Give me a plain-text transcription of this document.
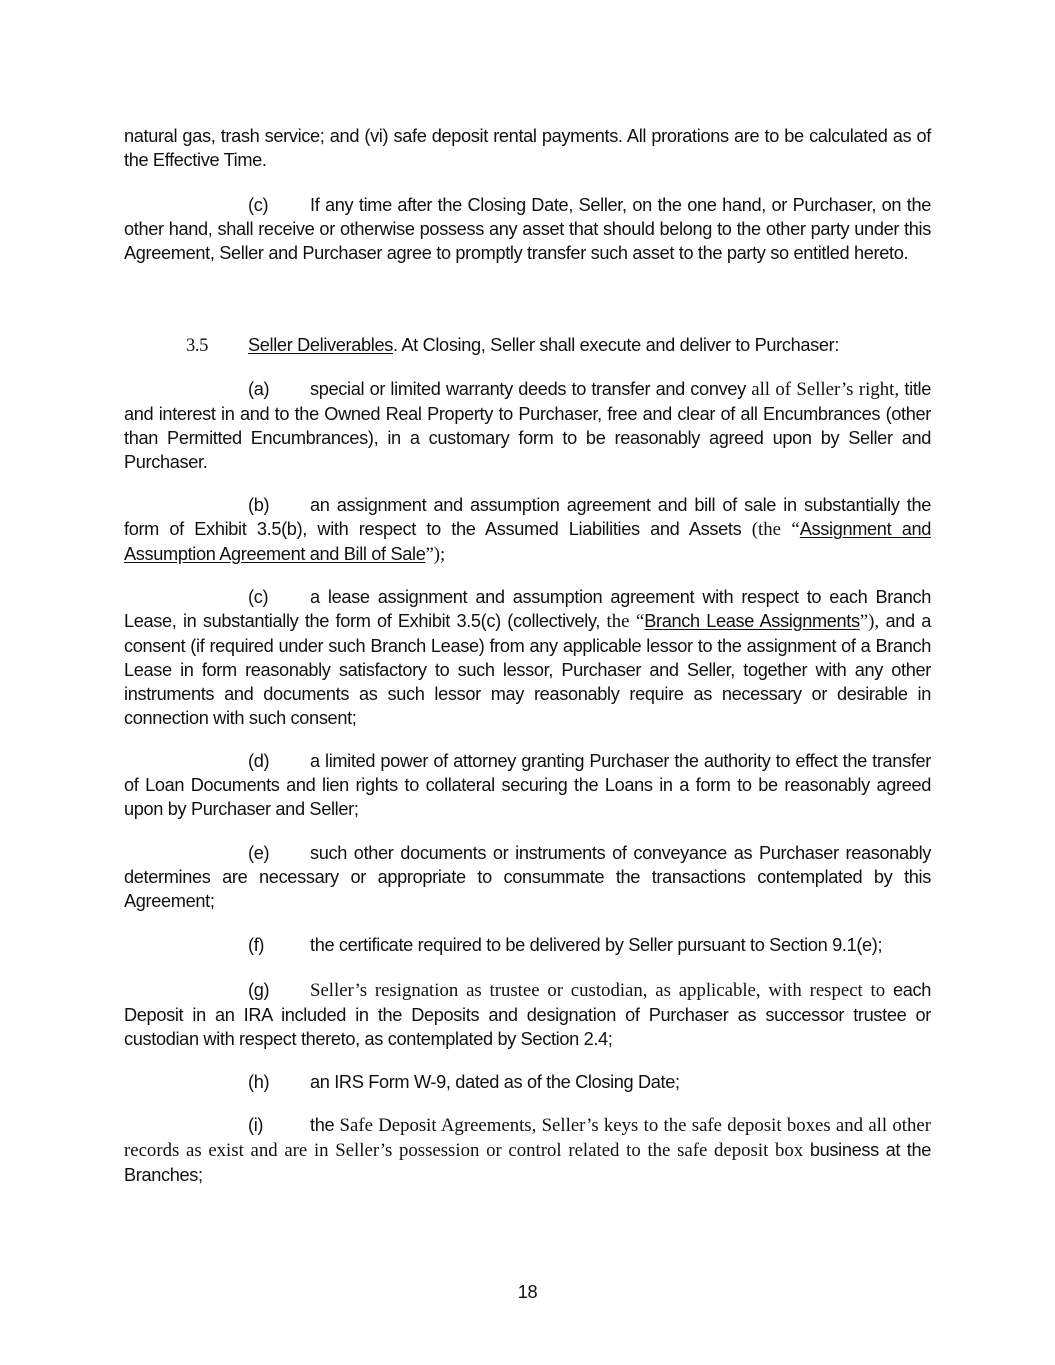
natural gas, trash service; and (vi) safe deposit rental payments. All prorations are to be calculated as of the Effective Time.

(c) If any time after the Closing Date, Seller, on the one hand, or Purchaser, on the other hand, shall receive or otherwise possess any asset that should belong to the other party under this Agreement, Seller and Purchaser agree to promptly transfer such asset to the party so entitled hereto.

3.5 Seller Deliverables. At Closing, Seller shall execute and deliver to Purchaser:

(a) special or limited warranty deeds to transfer and convey all of Seller’s right, title and interest in and to the Owned Real Property to Purchaser, free and clear of all Encumbrances (other than Permitted Encumbrances), in a customary form to be reasonably agreed upon by Seller and Purchaser.

(b) an assignment and assumption agreement and bill of sale in substantially the form of Exhibit 3.5(b), with respect to the Assumed Liabilities and Assets (the “Assignment and Assumption Agreement and Bill of Sale”);

(c) a lease assignment and assumption agreement with respect to each Branch Lease, in substantially the form of Exhibit 3.5(c) (collectively, the “Branch Lease Assignments”), and a consent (if required under such Branch Lease) from any applicable lessor to the assignment of a Branch Lease in form reasonably satisfactory to such lessor, Purchaser and Seller, together with any other instruments and documents as such lessor may reasonably require as necessary or desirable in connection with such consent;

(d) a limited power of attorney granting Purchaser the authority to effect the transfer of Loan Documents and lien rights to collateral securing the Loans in a form to be reasonably agreed upon by Purchaser and Seller;

(e) such other documents or instruments of conveyance as Purchaser reasonably determines are necessary or appropriate to consummate the transactions contemplated by this Agreement;

(f)	the certificate required to be delivered by Seller pursuant to Section 9.1(e);

(g) Seller’s resignation as trustee or custodian, as applicable, with respect to each Deposit in an IRA included in the Deposits and designation of Purchaser as successor trustee or custodian with respect thereto, as contemplated by Section 2.4;

(h) an IRS Form W-9, dated as of the Closing Date;

(i)	the Safe Deposit Agreements, Seller’s keys to the safe deposit boxes and all other records as exist and are in Seller’s possession or control related to the safe deposit box business at the Branches;

18
